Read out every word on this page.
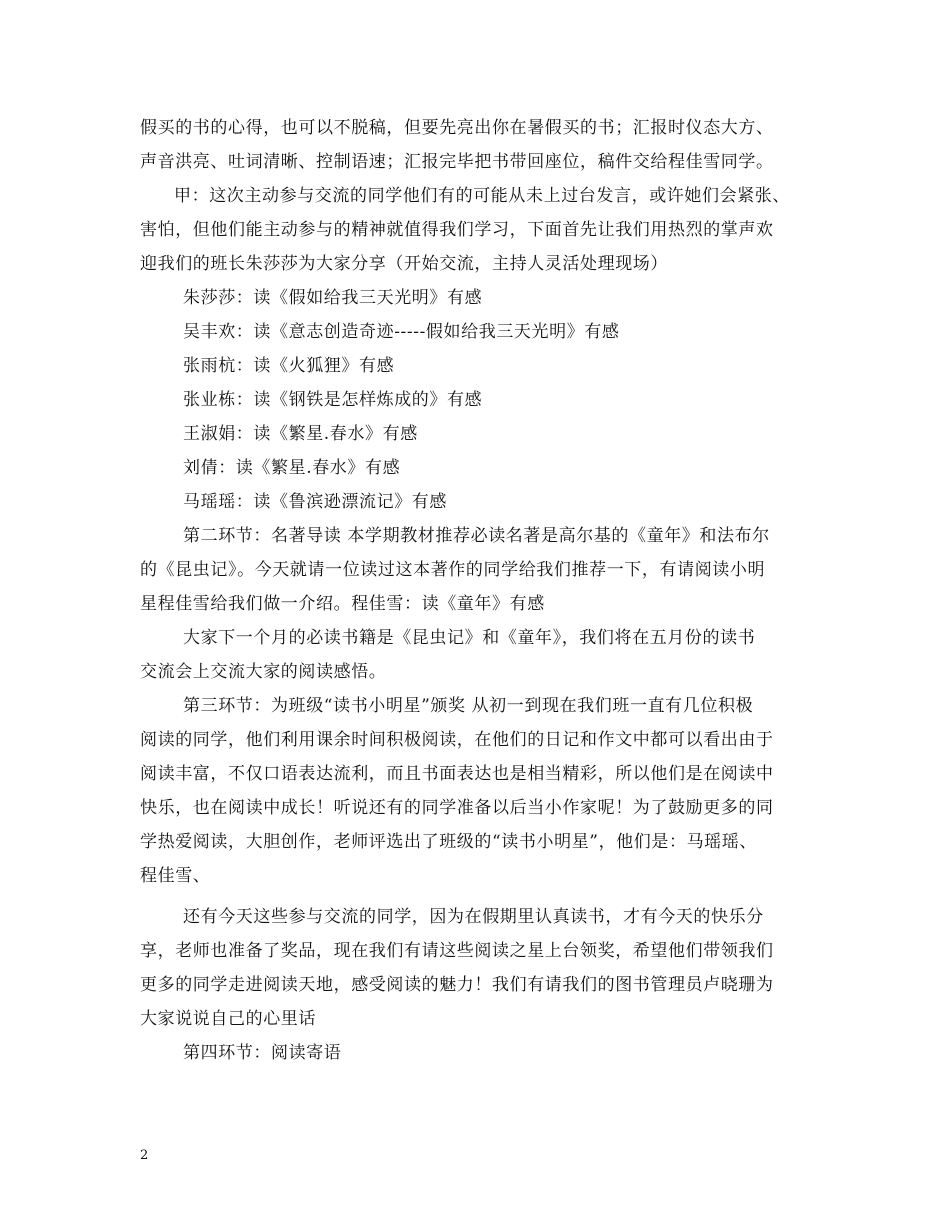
假买的书的心得，也可以不脱稿，但要先亮出你在暑假买的书；汇报时仪态大方、
声音洪亮、吐词清晰、控制语速；汇报完毕把书带回座位，稿件交给程佳雪同学。
甲：这次主动参与交流的同学他们有的可能从未上过台发言，或许她们会紧张、
害怕，但他们能主动参与的精神就值得我们学习，下面首先让我们用热烈的掌声欢
迎我们的班长朱莎莎为大家分享（开始交流，主持人灵活处理现场）
朱莎莎：读《假如给我三天光明》有感
吴丰欢：读《意志创造奇迹-----假如给我三天光明》有感
张雨杭：读《火狐狸》有感
张业栋：读《钢铁是怎样炼成的》有感
王淑娟：读《繁星.春水》有感
刘倩：读《繁星.春水》有感
马瑶瑶：读《鲁滨逊漂流记》有感
第二环节：名著导读 本学期教材推荐必读名著是高尔基的《童年》和法布尔
的《昆虫记》。今天就请一位读过这本著作的同学给我们推荐一下，有请阅读小明
星程佳雪给我们做一介绍。程佳雪：读《童年》有感
大家下一个月的必读书籍是《昆虫记》和《童年》，我们将在五月份的读书
交流会上交流大家的阅读感悟。
第三环节：为班级“读书小明星”颁奖 从初一到现在我们班一直有几位积极
阅读的同学，他们利用课余时间积极阅读，在他们的日记和作文中都可以看出由于
阅读丰富，不仅口语表达流利，而且书面表达也是相当精彩，所以他们是在阅读中
快乐，也在阅读中成长！听说还有的同学准备以后当小作家呢！为了鼓励更多的同
学热爱阅读，大胆创作，老师评选出了班级的“读书小明星”，他们是：马瑶瑶、
程佳雪、
还有今天这些参与交流的同学，因为在假期里认真读书，才有今天的快乐分
享，老师也准备了奖品，现在我们有请这些阅读之星上台领奖，希望他们带领我们
更多的同学走进阅读天地，感受阅读的魅力！我们有请我们的图书管理员卢晓珊为
大家说说自己的心里话
第四环节：阅读寄语
2
